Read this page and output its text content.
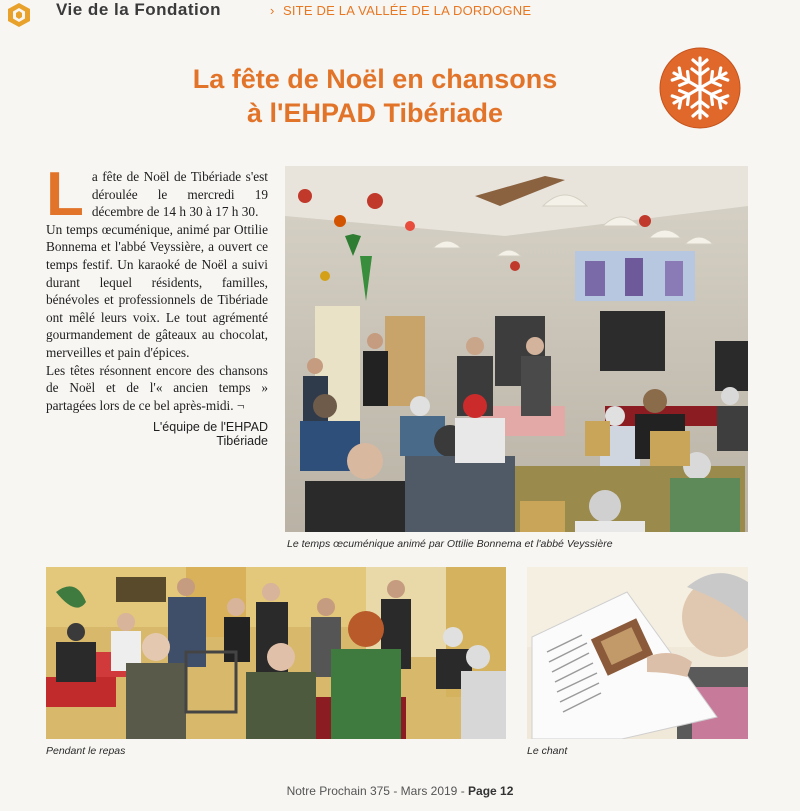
Vie de la Fondation	› SITE DE LA VALLÉE DE LA DORDOGNE
La fête de Noël en chansons
à l'EHPAD Tibériade
L a fête de Noël de Tibériade s'est déroulée le mercredi 19 décembre de 14 h 30 à 17 h 30.

Un temps œcuménique, animé par Ottilie Bonnema et l'abbé Veyssière, a ouvert ce temps festif. Un karaoké de Noël a suivi durant lequel résidents, familles, bénévoles et professionnels de Tibériade ont mêlé leurs voix. Le tout agrémenté gourmandement de gâteaux au chocolat, merveilles et pain d'épices.

Les têtes résonnent encore des chansons de Noël et de l'« ancien temps » partagées lors de ce bel après-midi. ¬

L'équipe de l'EHPAD Tibériade
Le temps œcuménique animé par Ottilie Bonnema et l'abbé Veyssière
Pendant le repas	Le chant
Notre Prochain 375 - Mars 2019 - Page 12
